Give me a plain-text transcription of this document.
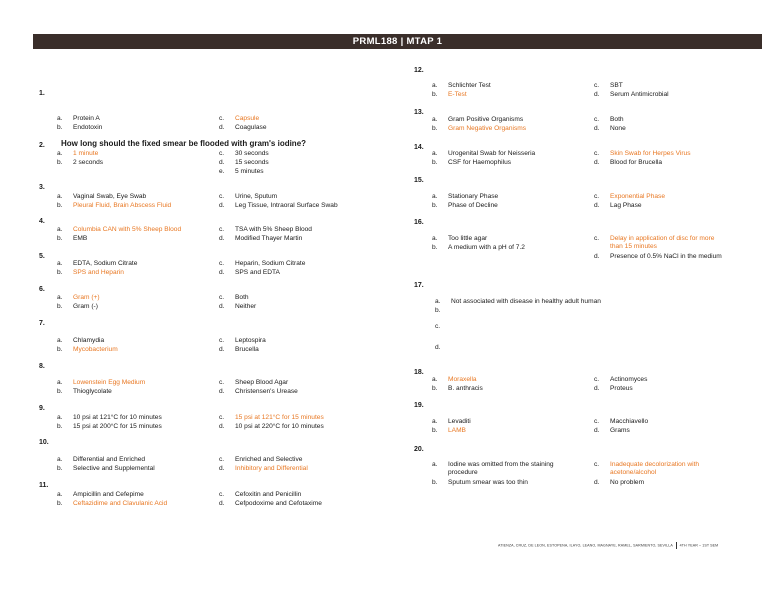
PRML188 | MTAP 1
1.
a.	Protein A
b.	Endotoxin
c.	Capsule
d.	Coagulase
2. How long should the fixed smear be flooded with gram's iodine?
a.	1 minute
b.	2 seconds
c.	30 seconds
d.	15 seconds
e.	5 minutes
3.
a.	Vaginal Swab, Eye Swab
b.	Pleural Fluid, Brain Abscess Fluid
c.	Urine, Sputum
d.	Leg Tissue, Intraoral Surface Swab
4.
a.	Columbia CAN with 5% Sheep Blood
b.	EMB
c.	TSA with 5% Sheep Blood
d.	Modified Thayer Martin
5.
a.	EDTA, Sodium Citrate
b.	SPS and Heparin
c.	Heparin, Sodium Citrate
d.	SPS and EDTA
6.
a.	Gram (+)
b.	Gram (-)
c.	Both
d.	Neither
7.
a.	Chlamydia
b.	Mycobacterium
c.	Leptospira
d.	Brucella
8.
a.	Lowenstein Egg Medium
b.	Thioglycolate
c.	Sheep Blood Agar
d.	Christensen's Urease
9.
a.	10 psi at 121°C for 10 minutes
b.	15 psi at 200°C for 15 minutes
c.	15 psi at 121°C for 15 minutes
d.	10 psi at 220°C for 10 minutes
10.
a.	Differential and Enriched
b.	Selective and Supplemental
c.	Enriched and Selective
d.	Inhibitory and Differential
11.
a.	Ampicillin and Cefepime
b.	Ceftazidime and Clavulanic Acid
c.	Cefoxitin and Penicillin
d.	Cefpodoxime and Cefotaxime
12.
a.	Schlichter Test
b.	E-Test
c.	SBT
d.	Serum Antimicrobial
13.
a.	Gram Positive Organisms
b.	Gram Negative Organisms
c.	Both
d.	None
14.
a.	Urogenital Swab for Neisseria
b.	CSF for Haemophilus
c.	Skin Swab for Herpes Virus
d.	Blood for Brucella
15.
a.	Stationary Phase
b.	Phase of Decline
c.	Exponential Phase
d.	Lag Phase
16.
a.	Too little agar
b.	A medium with a pH of 7.2
c.	Delay in application of disc for more than 15 minutes
d.	Presence of 0.5% NaCl in the medium
17.
a.	Not associated with disease in healthy adult human
b.
c.
d.
18.
a.	Moraxella
b.	B. anthracis
c.	Actinomyces
d.	Proteus
19.
a.	Levaditi
b.	LAMB
c.	Macchiavello
d.	Grams
20.
a.	Iodine was omitted from the staining procedure
b.	Sputum smear was too thin
c.	Inadequate decolorization with acetone/alcohol
d.	No problem
ATIENZA, CRUZ, DE LEON, ESTOPENA, ILAYO, LEANO, MAGNAYE, RAMEL, SARMIENTO, SEVILLA 4TH YEAR – 1ST SEM
